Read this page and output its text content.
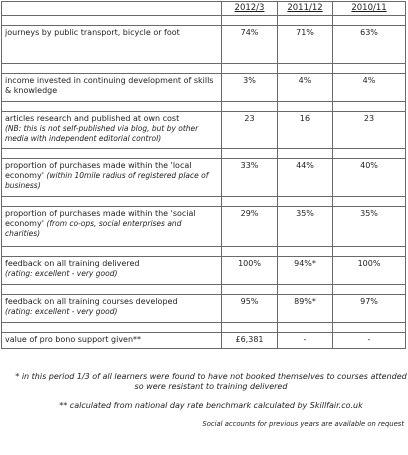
	2012/3	2011/12	2010/11

journeys by public transport, bicycle or foot	74%	71%	63%

income invested in continuing development of skills & knowledge	3%	4%	4%

articles research and published at own cost
(NB: this is not self-published via blog, but by other media with independent editorial control)	23	16	23

proportion of purchases made within the 'local economy' (within 10mile radius of registered place of business)	33%	44%	40%

proportion of purchases made within the 'social economy' (from co-ops, social enterprises and charities)	29%	35%	35%

feedback on all training delivered
(rating: excellent - very good)	100%	94%*	100%

feedback on all training courses developed
(rating: excellent - very good)	95%	89%*	97%

value of pro bono support given**	£6,381	-	-
* in this period 1/3 of all learners were found to have not booked themselves to courses attended so were resistant to training delivered
** calculated from national day rate benchmark calculated by Skillfair.co.uk
Social accounts for previous years are available on request
